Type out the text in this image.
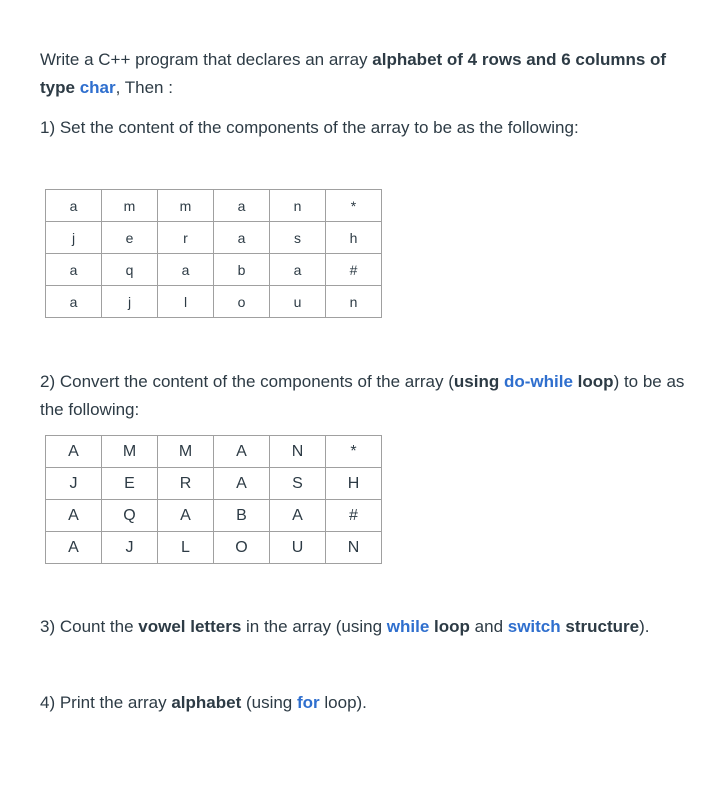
Write a C++ program that declares an array alphabet of 4 rows and 6 columns of type char, Then :

1) Set the content of the components of the array to be as the following:

a	m	m	a	n	*
j	e	r	a	s	h
a	q	a	b	a	#
a	j	l	o	u	n

2) Convert the content of the components of the array (using do-while loop) to be as the following:

A	M	M	A	N	*
J	E	R	A	S	H
A	Q	A	B	A	#
A	J	L	O	U	N

3) Count the vowel letters in the array (using while loop and switch structure).

4) Print the array alphabet (using for loop).
